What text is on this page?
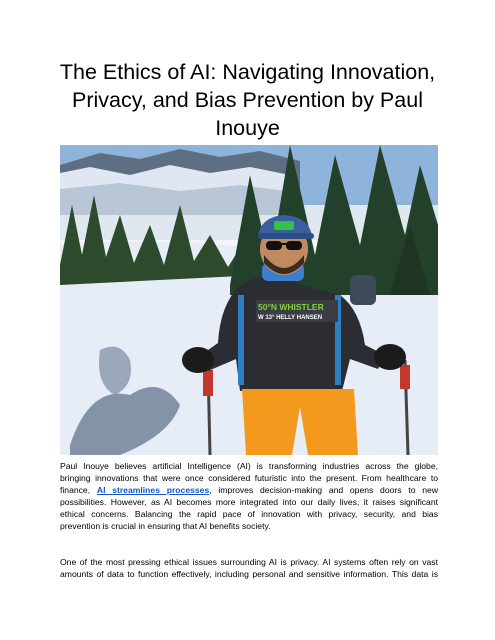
The Ethics of AI: Navigating Innovation,
Privacy, and Bias Prevention by Paul
Inouye
50°N WHISTLER
W 13° HELLY HANSEN

Paul Inouye believes artificial Intelligence (AI) is transforming industries across the globe,
bringing innovations that were once considered futuristic into the present. From healthcare to
finance, AI streamlines processes, improves decision-making and opens doors to new
possibilities. However, as AI becomes more integrated into our daily lives, it raises significant
ethical concerns. Balancing the rapid pace of innovation with privacy, security, and bias
prevention is crucial in ensuring that AI benefits society.

One of the most pressing ethical issues surrounding AI is privacy. AI systems often rely on vast
amounts of data to function effectively, including personal and sensitive information. This data is
